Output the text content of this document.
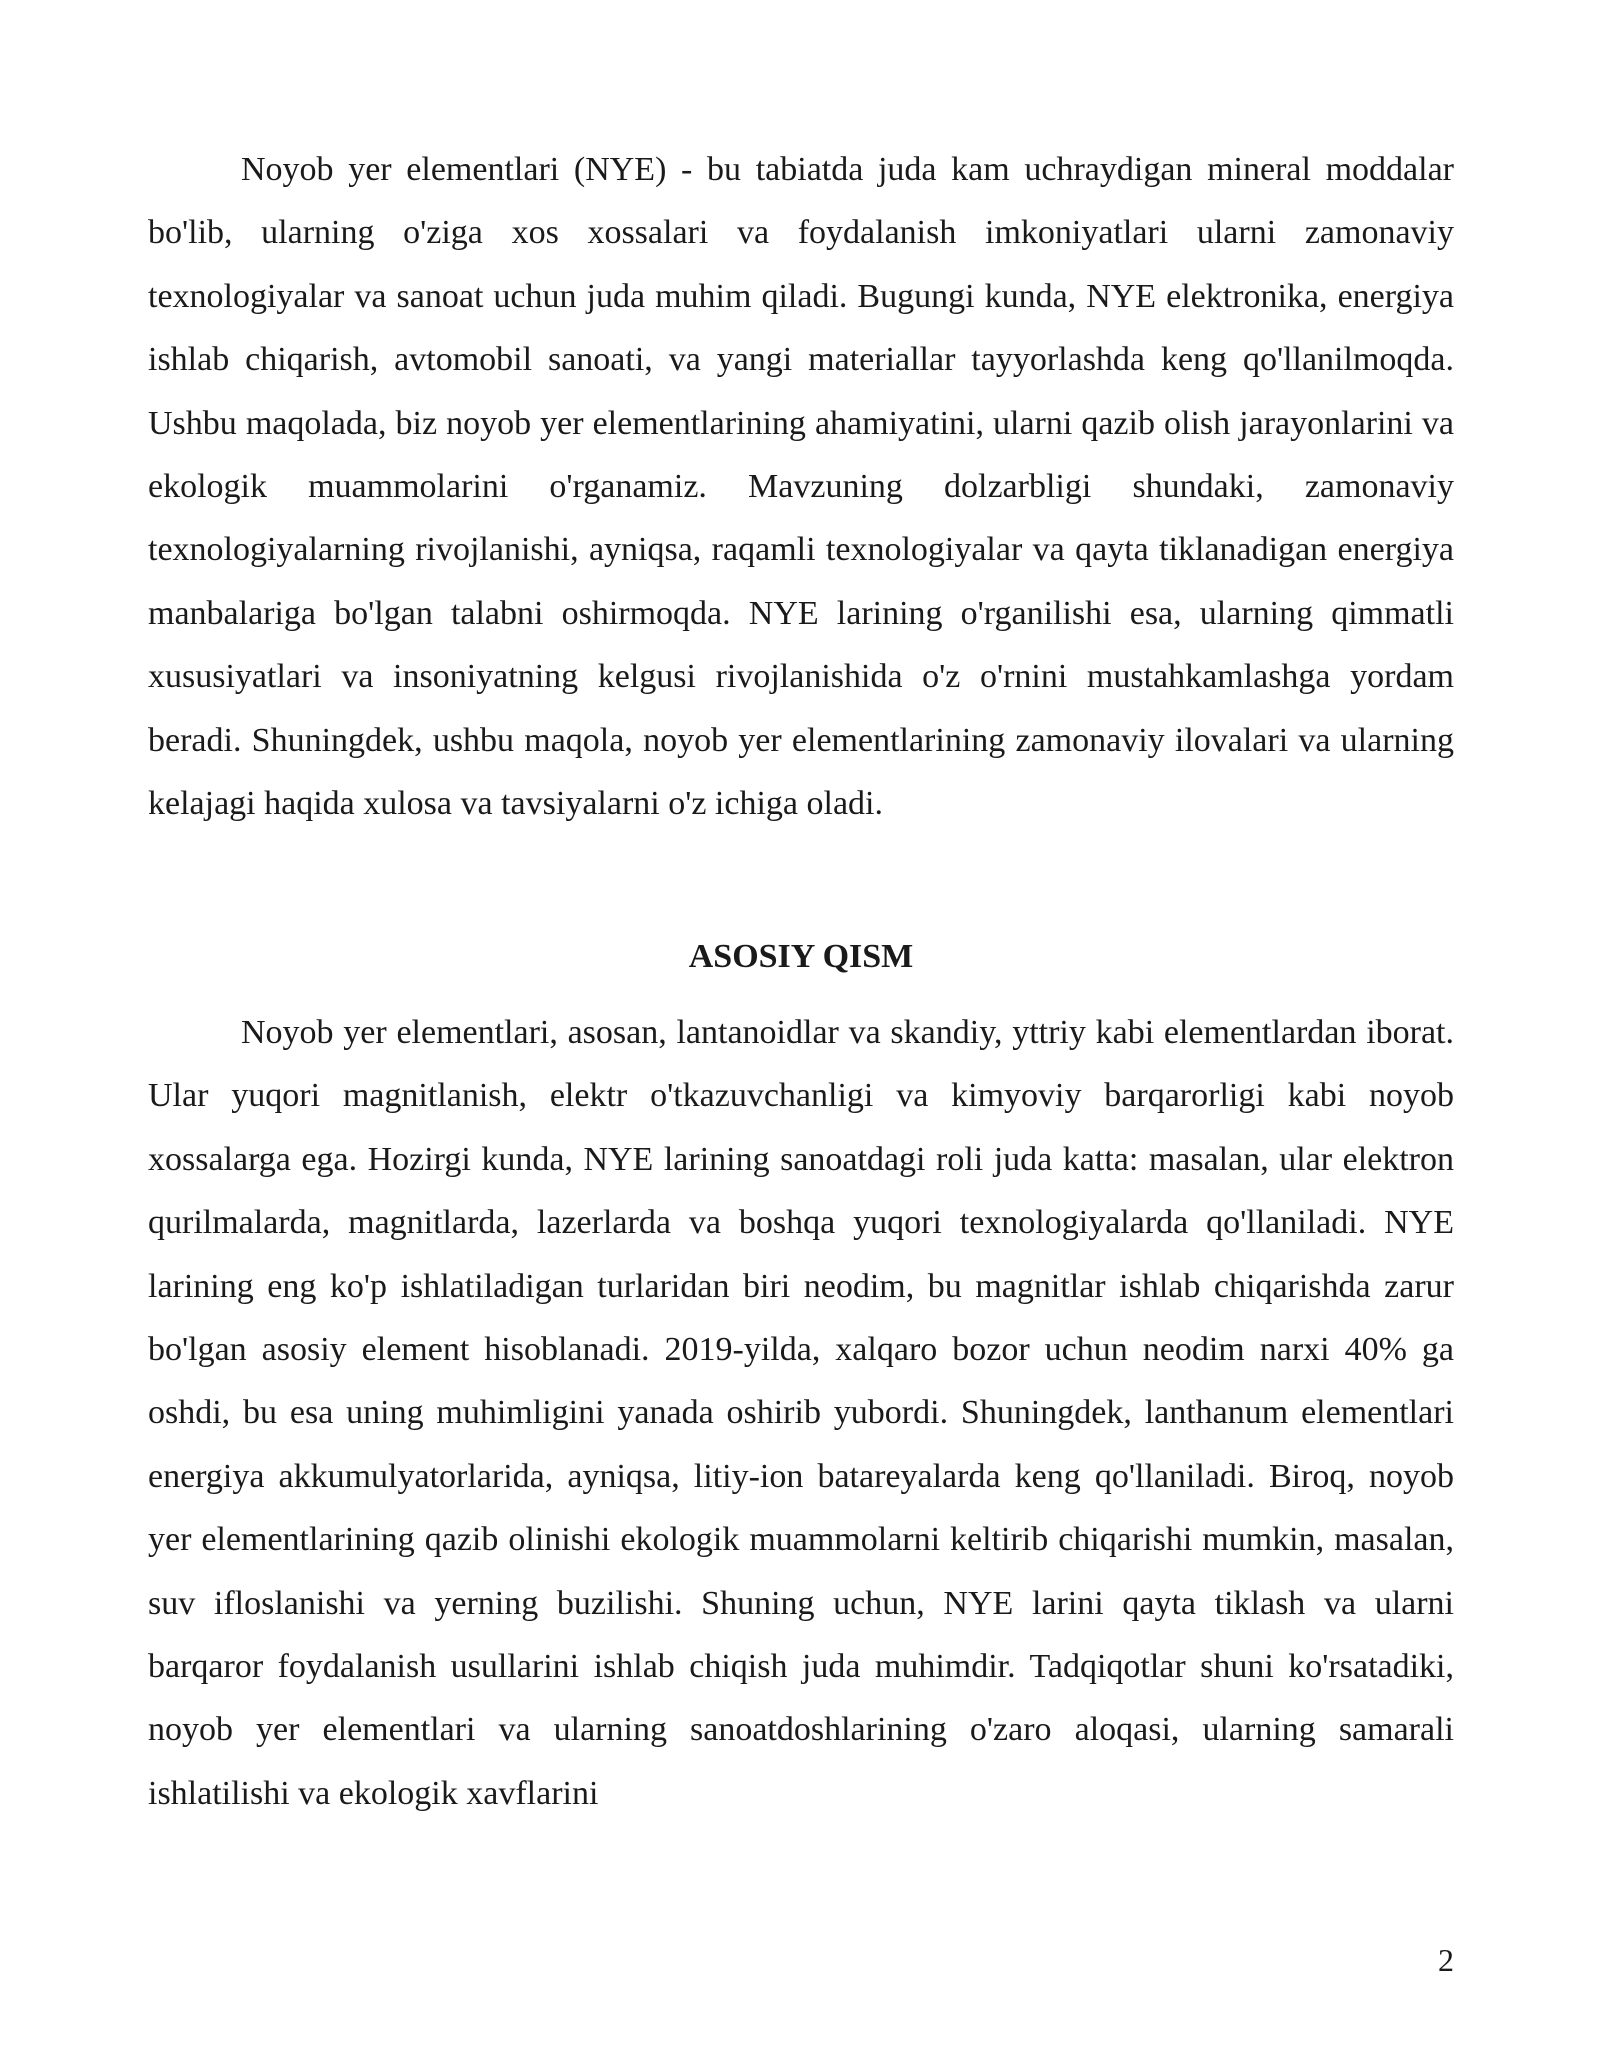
Noyob yer elementlari (NYE) - bu tabiatda juda kam uchraydigan mineral moddalar bo'lib, ularning o'ziga xos xossalari va foydalanish imkoniyatlari ularni zamonaviy texnologiyalar va sanoat uchun juda muhim qiladi. Bugungi kunda, NYE elektronika, energiya ishlab chiqarish, avtomobil sanoati, va yangi materiallar tayyorlashda keng qo'llanilmoqda. Ushbu maqolada, biz noyob yer elementlarining ahamiyatini, ularni qazib olish jarayonlarini va ekologik muammolarini o'rganamiz. Mavzuning dolzarbligi shundaki, zamonaviy texnologiyalarning rivojlanishi, ayniqsa, raqamli texnologiyalar va qayta tiklanadigan energiya manbalariga bo'lgan talabni oshirmoqda. NYE larining o'rganilishi esa, ularning qimmatli xususiyatlari va insoniyatning kelgusi rivojlanishida o'z o'rnini mustahkamlashga yordam beradi. Shuningdek, ushbu maqola, noyob yer elementlarining zamonaviy ilovalari va ularning kelajagi haqida xulosa va tavsiyalarni o'z ichiga oladi.

ASOSIY QISM

Noyob yer elementlari, asosan, lantanoidlar va skandiy, yttriy kabi elementlardan iborat. Ular yuqori magnitlanish, elektr o'tkazuvchanligi va kimyoviy barqarorligi kabi noyob xossalarga ega. Hozirgi kunda, NYE larining sanoatdagi roli juda katta: masalan, ular elektron qurilmalarda, magnitlarda, lazerlarda va boshqa yuqori texnologiyalarda qo'llaniladi. NYE larining eng ko'p ishlatiladigan turlaridan biri neodim, bu magnitlar ishlab chiqarishda zarur bo'lgan asosiy element hisoblanadi. 2019-yilda, xalqaro bozor uchun neodim narxi 40% ga oshdi, bu esa uning muhimligini yanada oshirib yubordi. Shuningdek, lanthanum elementlari energiya akkumulyatorlarida, ayniqsa, litiy-ion batareyalarda keng qo'llaniladi. Biroq, noyob yer elementlarining qazib olinishi ekologik muammolarni keltirib chiqarishi mumkin, masalan, suv ifloslanishi va yerning buzilishi. Shuning uchun, NYE larini qayta tiklash va ularni barqaror foydalanish usullarini ishlab chiqish juda muhimdir. Tadqiqotlar shuni ko'rsatadiki, noyob yer elementlari va ularning sanoatdoshlarining o'zaro aloqasi, ularning samarali ishlatilishi va ekologik xavflarini

2
